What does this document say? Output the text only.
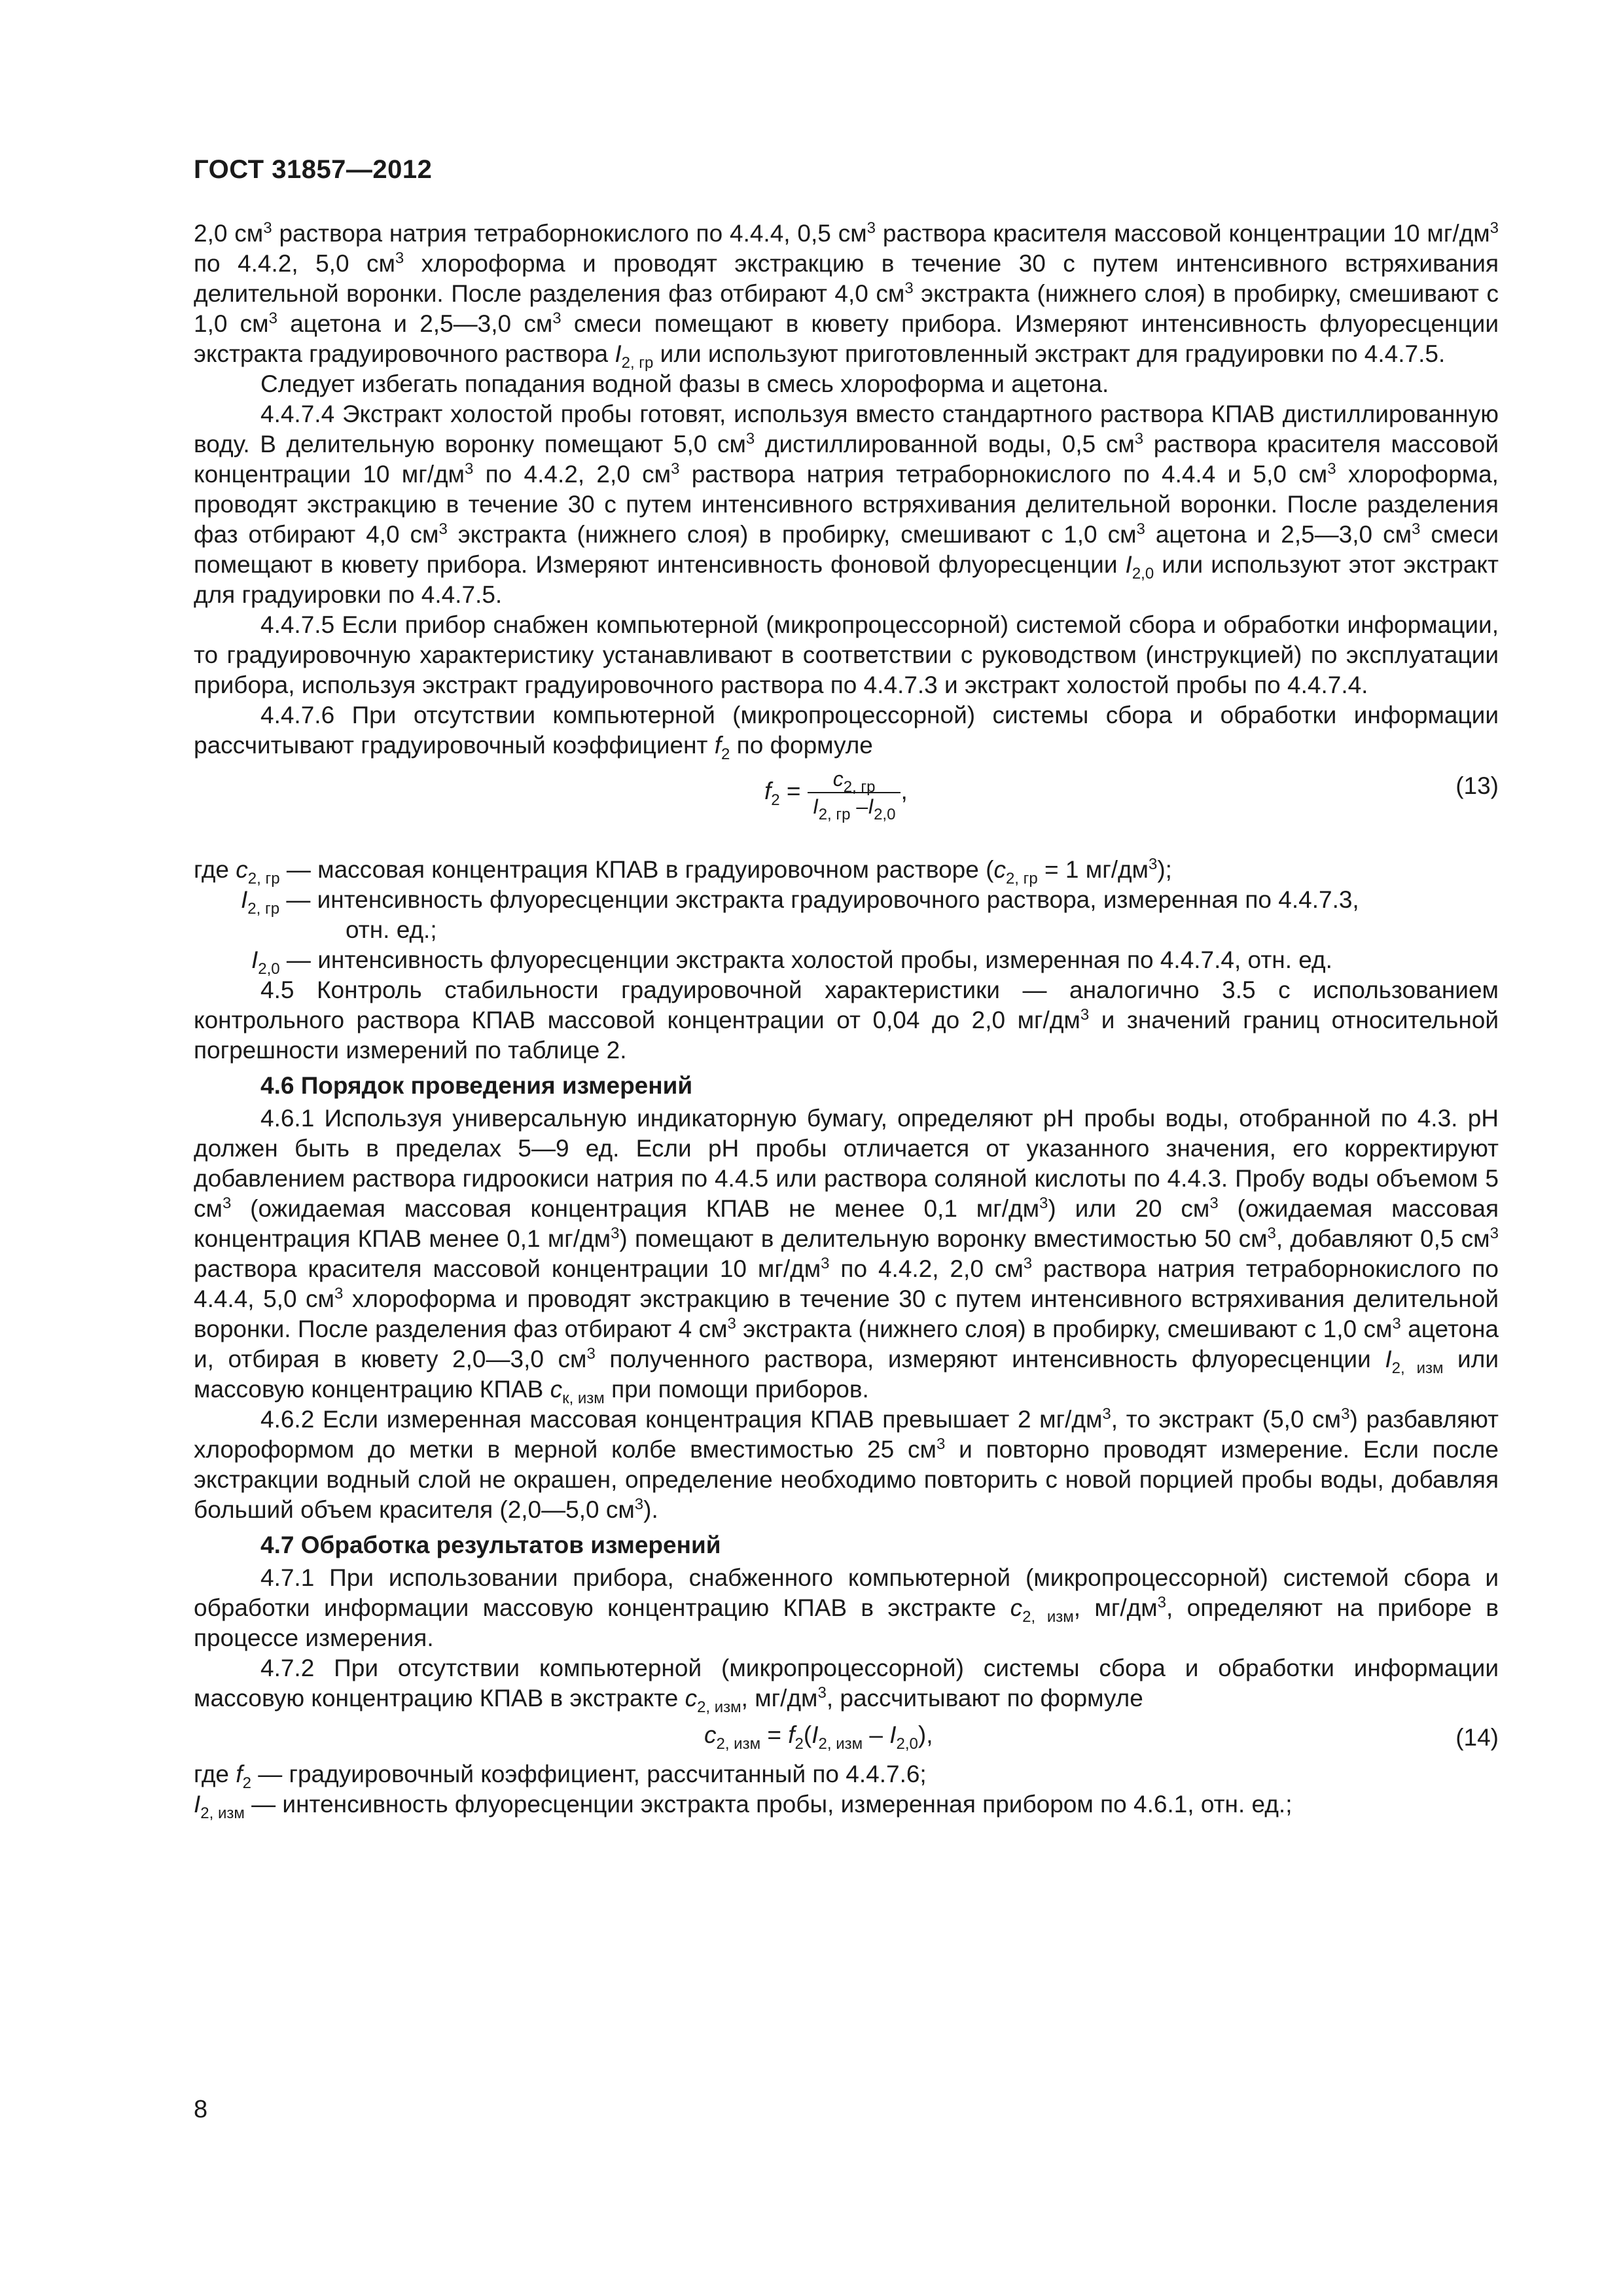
ГОСТ 31857—2012

2,0 $см^3$ раствора натрия тетраборнокислого по 4.4.4, 0,5 $см^3$ раствора красителя массовой концентрации 10 $мг/дм^3$ по 4.4.2, 5,0 $см^3$ хлороформа и проводят экстракцию в течение 30 с путем интенсивного встряхивания делительной воронки. После разделения фаз отбирают 4,0 $см^3$ экстракта (нижнего слоя) в пробирку, смешивают с 1,0 $см^3$ ацетона и 2,5—3,0 $см^3$ смеси помещают в кювету прибора. Измеряют интенсивность флуоресценции экстракта градуировочного раствора $I_{2, гр}$ или используют приготовленный экстракт для градуировки по 4.4.7.5.

Следует избегать попадания водной фазы в смесь хлороформа и ацетона.

4.4.7.4 Экстракт холостой пробы готовят, используя вместо стандартного раствора КПАВ дистиллированную воду. В делительную воронку помещают 5,0 $см^3$ дистиллированной воды, 0,5 $см^3$ раствора красителя массовой концентрации 10 $мг/дм^3$ по 4.4.2, 2,0 $см^3$ раствора натрия тетраборнокислого по 4.4.4 и 5,0 $см^3$ хлороформа, проводят экстракцию в течение 30 с путем интенсивного встряхивания делительной воронки. После разделения фаз отбирают 4,0 $см^3$ экстракта (нижнего слоя) в пробирку, смешивают с 1,0 $см^3$ ацетона и 2,5—3,0 $см^3$ смеси помещают в кювету прибора. Измеряют интенсивность фоновой флуоресценции $I_{2,0}$ или используют этот экстракт для градуировки по 4.4.7.5.

4.4.7.5 Если прибор снабжен компьютерной (микропроцессорной) системой сбора и обработки информации, то градуировочную характеристику устанавливают в соответствии с руководством (инструкцией) по эксплуатации прибора, используя экстракт градуировочного раствора по 4.4.7.3 и экстракт холостой пробы по 4.4.7.4.

4.4.7.6 При отсутствии компьютерной (микропроцессорной) системы сбора и обработки информации рассчитывают градуировочный коэффициент $f_2$ по формуле

$f_2 = \frac{c_{2, гр}}{I_{2, гр} -I_{2,0}}$ ,	(13)
где $c_{2, гр}$ — массовая концентрация КПАВ в градуировочном растворе ($c_{2, гр} = 1$ $мг/дм^3$);
$I_{2, гр}$ — интенсивность флуоресценции экстракта градуировочного раствора, измеренная по 4.4.7.3,
отн. ед.;
$I_{2,0}$ — интенсивность флуоресценции экстракта холостой пробы, измеренная по 4.4.7.4, отн. ед.

4.5 Контроль стабильности градуировочной характеристики — аналогично 3.5 с использованием контрольного раствора КПАВ массовой концентрации от 0,04 до 2,0 $мг/дм^3$ и значений границ относительной погрешности измерений по таблице 2.

4.6 Порядок проведения измерений

4.6.1 Используя универсальную индикаторную бумагу, определяют pH пробы воды, отобранной по 4.3. pH должен быть в пределах 5—9 ед. Если pH пробы отличается от указанного значения, его корректируют добавлением раствора гидроокиси натрия по 4.4.5 или раствора соляной кислоты по 4.4.3. Пробу воды объемом 5 $см^3$ (ожидаемая массовая концентрация КПАВ не менее 0,1 $мг/дм^3$) или 20 $см^3$ (ожидаемая массовая концентрация КПАВ менее 0,1 $мг/дм^3$) помещают в делительную воронку вместимостью 50 $см^3$, добавляют 0,5 $см^3$ раствора красителя массовой концентрации 10 $мг/дм^3$ по 4.4.2, 2,0 $см^3$ раствора натрия тетраборнокислого по 4.4.4, 5,0 $см^3$ хлороформа и проводят экстракцию в течение 30 с путем интенсивного встряхивания делительной воронки. После разделения фаз отбирают 4 $см^3$ экстракта (нижнего слоя) в пробирку, смешивают с 1,0 $см^3$ ацетона и, отбирая в кювету 2,0—3,0 $см^3$ полученного раствора, измеряют интенсивность флуоресценции $I_{2, изм}$ или массовую концентрацию КПАВ $c_{к, изм}$ при помощи приборов.

4.6.2 Если измеренная массовая концентрация КПАВ превышает 2 $мг/дм^3$, то экстракт (5,0 $см^3$) разбавляют хлороформом до метки в мерной колбе вместимостью 25 $см^3$ и повторно проводят измерение. Если после экстракции водный слой не окрашен, определение необходимо повторить с новой порцией пробы воды, добавляя больший объем красителя (2,0—5,0 $см^3$).

4.7 Обработка результатов измерений

4.7.1 При использовании прибора, снабженного компьютерной (микропроцессорной) системой сбора и обработки информации массовую концентрацию КПАВ в экстракте $c_{2, изм}$, $мг/дм^3$, определяют на приборе в процессе измерения.

4.7.2 При отсутствии компьютерной (микропроцессорной) системы сбора и обработки информации массовую концентрацию КПАВ в экстракте $c_{2, изм}$, $мг/дм^3$, рассчитывают по формуле

$c_{2, изм} = f_2(I_{2, изм} - I_{2,0})$,	(14)
где $f_2$ — градуировочный коэффициент, рассчитанный по 4.4.7.6;
$I_{2, изм}$ — интенсивность флуоресценции экстракта пробы, измеренная прибором по 4.6.1, отн. ед.;
8
